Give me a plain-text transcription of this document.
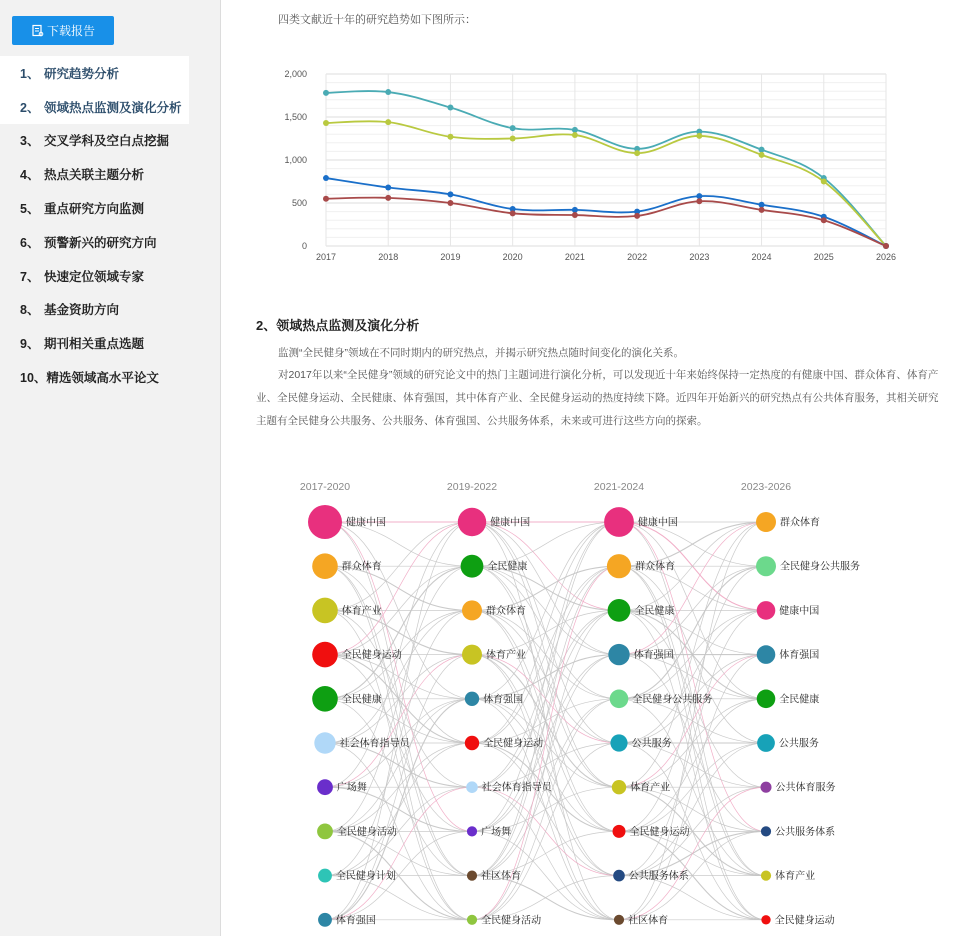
下载报告
1、 研究趋势分析
2、 领域热点监测及演化分析
3、 交叉学科及空白点挖掘
4、 热点关联主题分析
5、 重点研究方向监测
6、 预警新兴的研究方向
7、 快速定位领域专家
8、 基金资助方向
9、 期刊相关重点选题
10、 精选领域高水平论文
四类文献近十年的研究趋势如下图所示：
0
500
1,000
1,500
2,000
2017	2018	2019	2020	2021	2022	2023	2024	2025	2026
2、领域热点监测及演化分析
监测“全民健身”领域在不同时期内的研究热点，并揭示研究热点随时间变化的演化关系。
对2017年以来“全民健身”领域的研究论文中的热门主题词进行演化分析，可以发现近十年来始终保持一定热度的有健康中国、群众体育、体育产业、全民健身运动、全民健康、体育强国，其中体育产业、全民健身运动的热度持续下降。近四年开始新兴的研究热点有公共体育服务，其相关研究主题有全民健身公共服务、公共服务、体育强国、公共服务体系，未来或可进行这些方向的探索。
2017-2020	2019-2022	2021-2024	2023-2026
健康中国
群众体育
体育产业
全民健身运动
全民健康
社会体育指导员
广场舞
全民健身活动
全民健身计划
体育强国
健康中国
全民健康
群众体育
体育产业
体育强国
全民健身运动
社会体育指导员
广场舞
社区体育
全民健身活动
健康中国
群众体育
全民健康
体育强国
全民健身公共服务
公共服务
体育产业
全民健身运动
公共服务体系
社区体育
群众体育
全民健身公共服务
健康中国
体育强国
全民健康
公共服务
公共体育服务
公共服务体系
体育产业
全民健身运动
